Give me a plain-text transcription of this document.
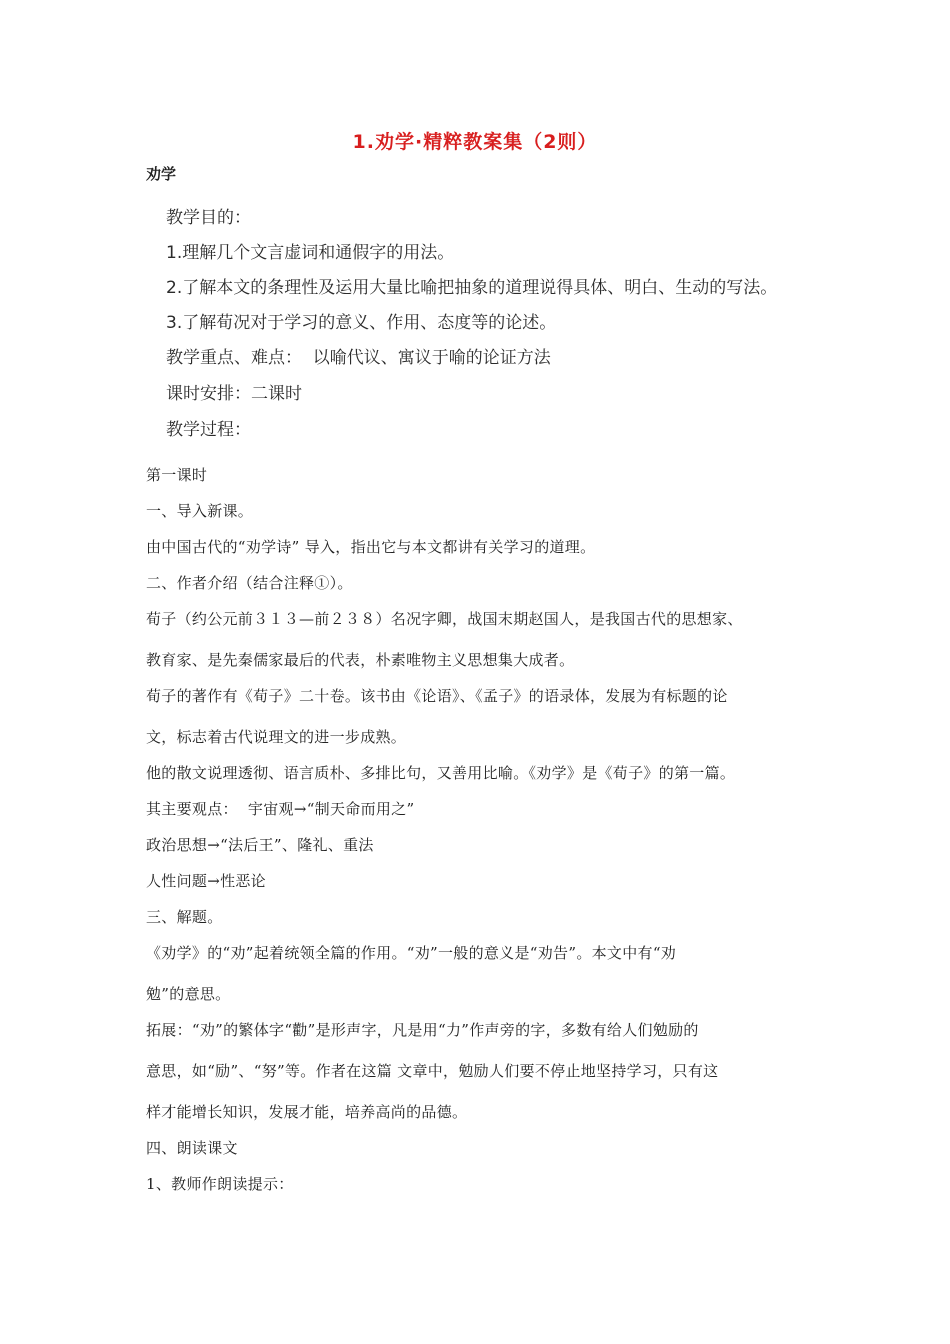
1.劝学·精粹教案集（2则）
劝学
教学目的：
1.理解几个文言虚词和通假字的用法。
2.了解本文的条理性及运用大量比喻把抽象的道理说得具体、明白、生动的写法。
3.了解荀况对于学习的意义、作用、态度等的论述。
教学重点、难点：  以喻代议、寓议于喻的论证方法
课时安排：二课时
教学过程：
第一课时
一、导入新课。
由中国古代的“劝学诗” 导入，指出它与本文都讲有关学习的道理。
二、作者介绍（结合注释①）。
荀子（约公元前３１３—前２３８）名况字卿，战国末期赵国人，是我国古代的思想家、
教育家、是先秦儒家最后的代表，朴素唯物主义思想集大成者。
荀子的著作有《荀子》二十卷。该书由《论语》、《孟子》的语录体，发展为有标题的论
文，标志着古代说理文的进一步成熟。
他的散文说理透彻、语言质朴、多排比句，又善用比喻。《劝学》是《荀子》的第一篇。
其主要观点：  宇宙观→“制天命而用之”
政治思想→“法后王”、隆礼、重法
人性问题→性恶论
三、解题。
《劝学》的“劝”起着统领全篇的作用。“劝”一般的意义是“劝告”。本文中有“劝
勉”的意思。
拓展：“劝”的繁体字“勸”是形声字，凡是用“力”作声旁的字，多数有给人们勉励的
意思，如“励”、“努”等。作者在这篇 文章中，勉励人们要不停止地坚持学习，只有这
样才能增长知识，发展才能，培养高尚的品德。
四、朗读课文
1、教师作朗读提示：
